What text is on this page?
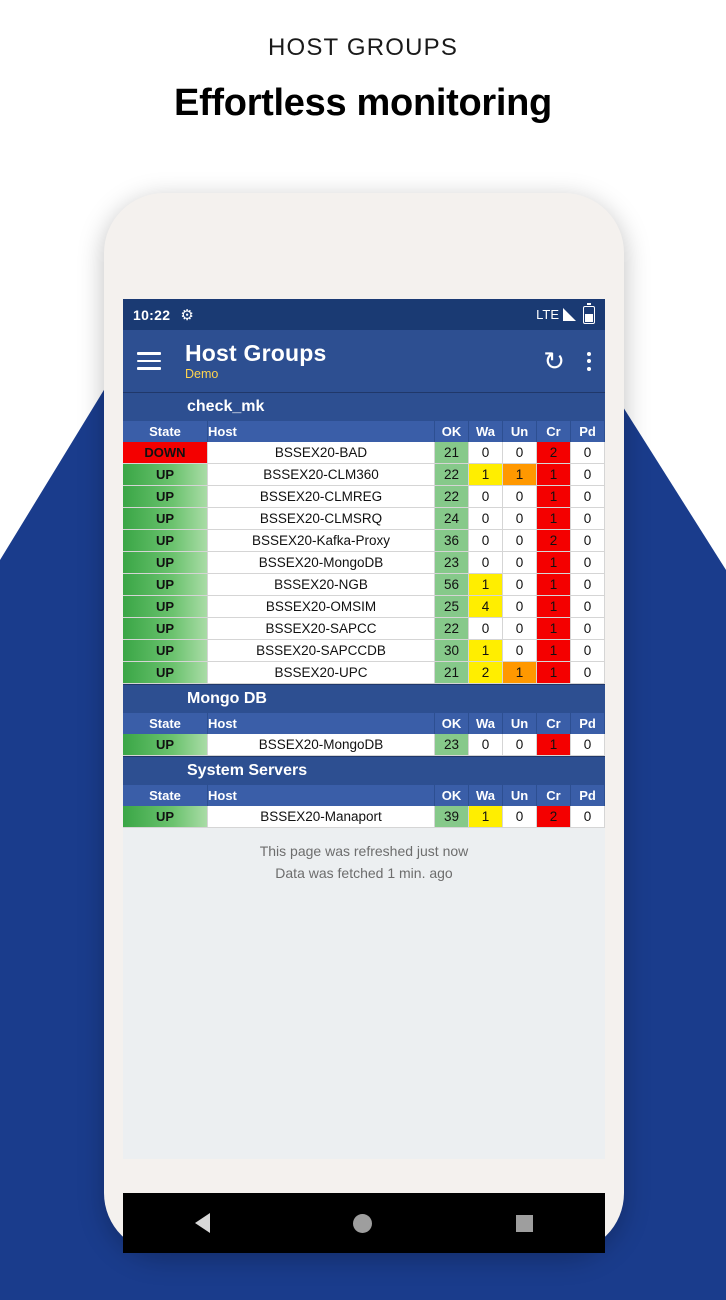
HOST GROUPS
Effortless monitoring
10:22 ⚙	LTE
Host Groups
Demo	↻
check_mk
State	Host	OK	Wa	Un	Cr	Pd
DOWN	BSSEX20-BAD	21	0	0	2	0
UP	BSSEX20-CLM360	22	1	1	1	0
UP	BSSEX20-CLMREG	22	0	0	1	0
UP	BSSEX20-CLMSRQ	24	0	0	1	0
UP	BSSEX20-Kafka-Proxy	36	0	0	2	0
UP	BSSEX20-MongoDB	23	0	0	1	0
UP	BSSEX20-NGB	56	1	0	1	0
UP	BSSEX20-OMSIM	25	4	0	1	0
UP	BSSEX20-SAPCC	22	0	0	1	0
UP	BSSEX20-SAPCCDB	30	1	0	1	0
UP	BSSEX20-UPC	21	2	1	1	0
Mongo DB
State	Host	OK	Wa	Un	Cr	Pd
UP	BSSEX20-MongoDB	23	0	0	1	0
System Servers
State	Host	OK	Wa	Un	Cr	Pd
UP	BSSEX20-Manaport	39	1	0	2	0
This page was refreshed just now
Data was fetched 1 min. ago
